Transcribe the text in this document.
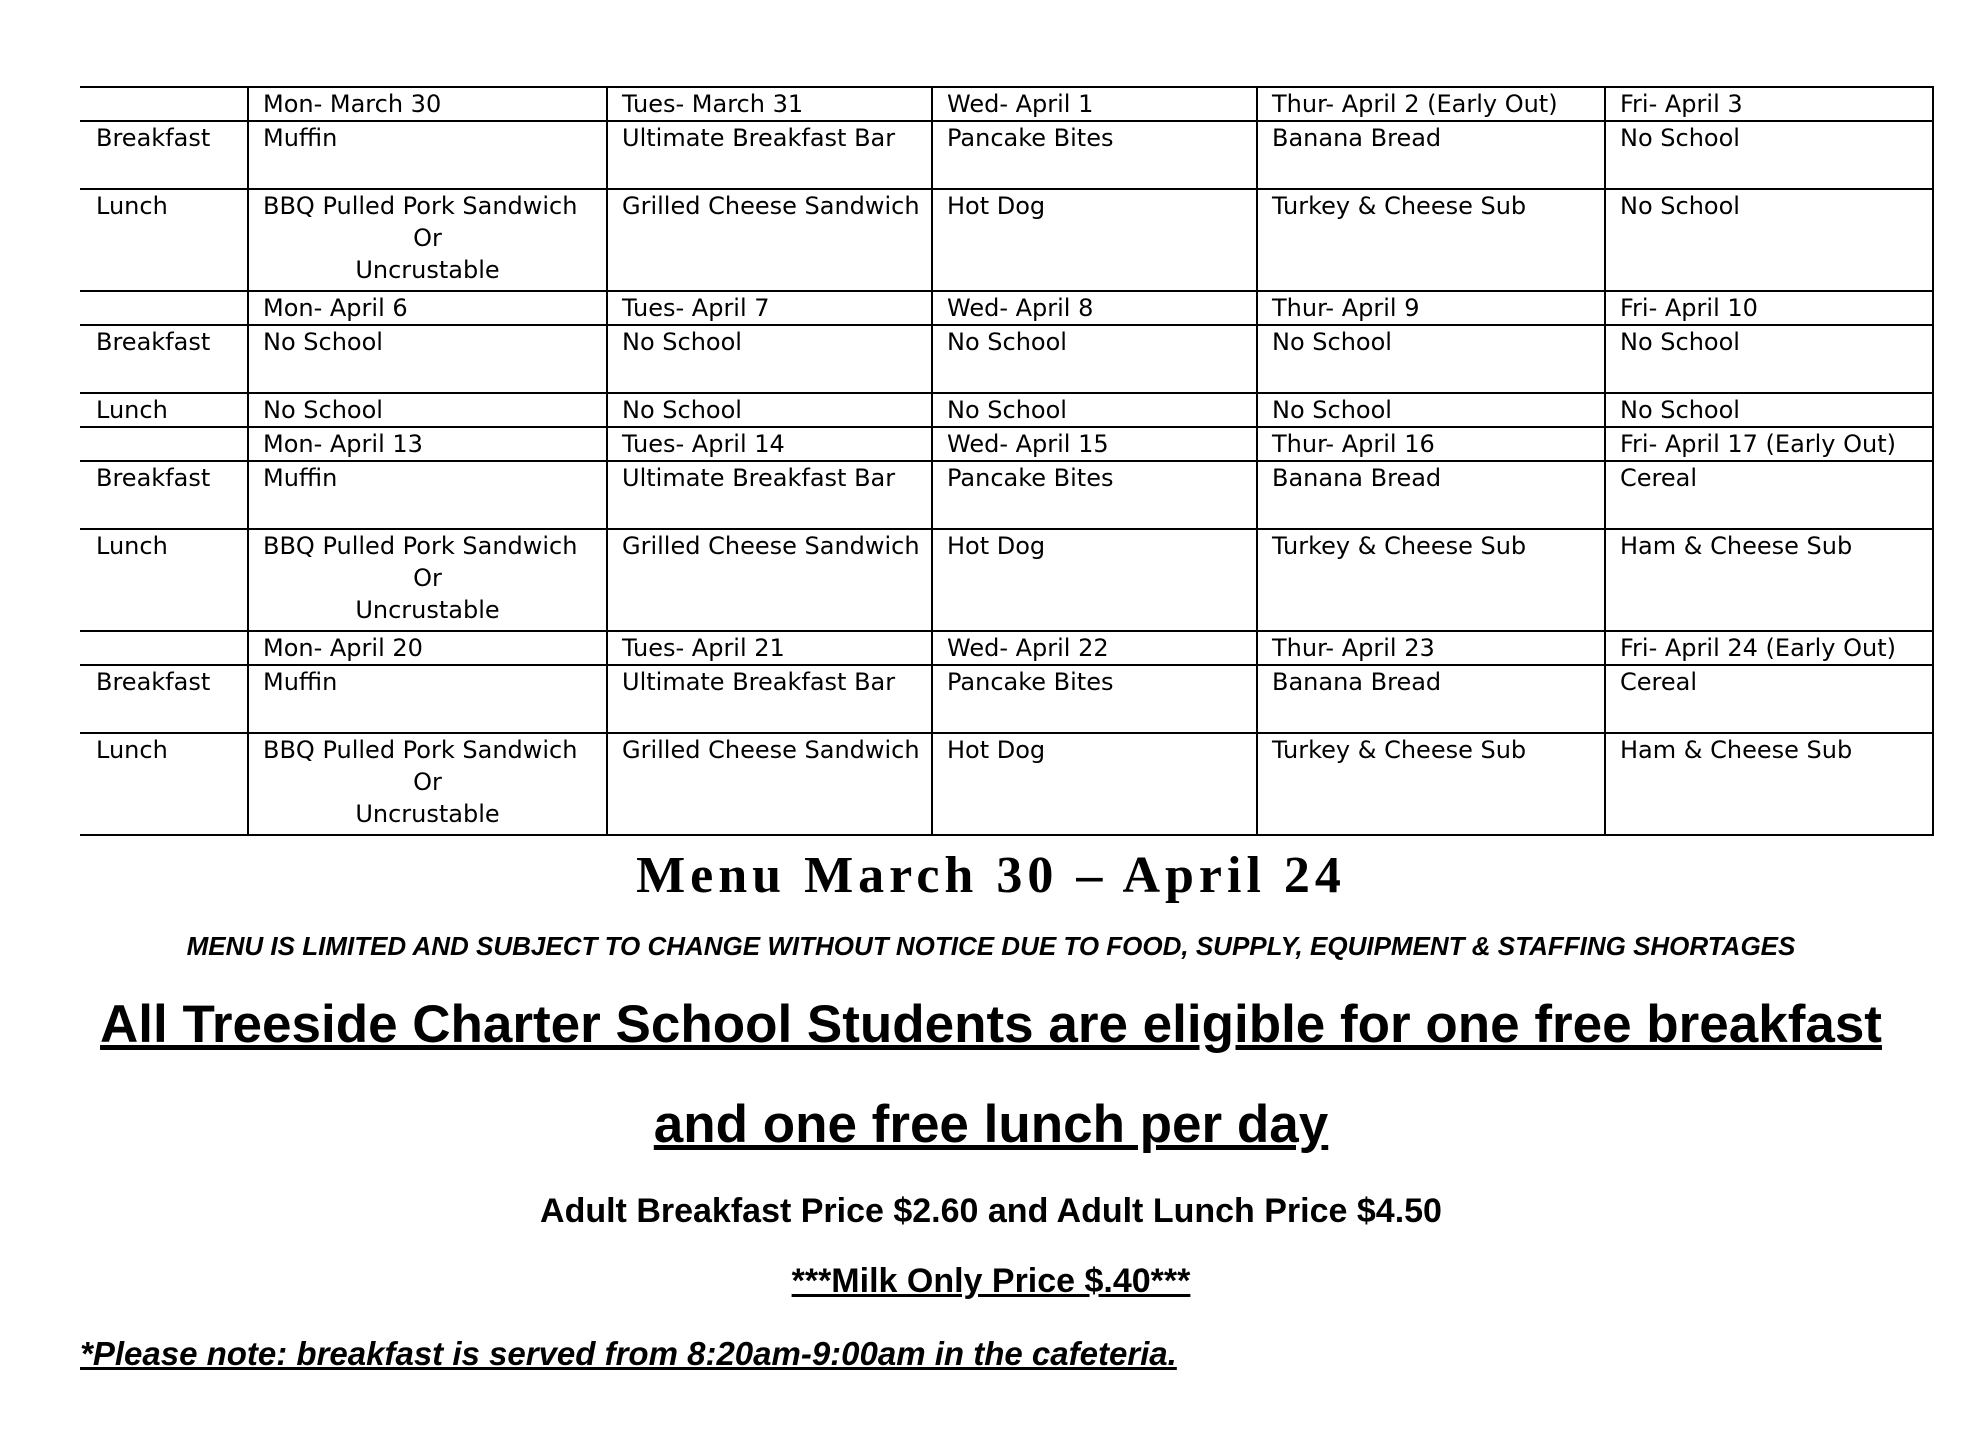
	Mon- March 30	Tues- March 31	Wed- April 1	Thur- April 2 (Early Out)	Fri- April 3
Breakfast	Muffin	Ultimate Breakfast Bar	Pancake Bites	Banana Bread	No School
Lunch	BBQ Pulled Pork Sandwich
Or
Uncrustable	Grilled Cheese Sandwich	Hot Dog	Turkey & Cheese Sub	No School
	Mon- April 6	Tues- April 7	Wed- April 8	Thur- April 9	Fri- April 10
Breakfast	No School	No School	No School	No School	No School
Lunch	No School	No School	No School	No School	No School
	Mon- April 13	Tues- April 14	Wed- April 15	Thur- April 16	Fri- April 17 (Early Out)
Breakfast	Muffin	Ultimate Breakfast Bar	Pancake Bites	Banana Bread	Cereal
Lunch	BBQ Pulled Pork Sandwich
Or
Uncrustable	Grilled Cheese Sandwich	Hot Dog	Turkey & Cheese Sub	Ham & Cheese Sub
	Mon- April 20	Tues- April 21	Wed- April 22	Thur- April 23	Fri- April 24 (Early Out)
Breakfast	Muffin	Ultimate Breakfast Bar	Pancake Bites	Banana Bread	Cereal
Lunch	BBQ Pulled Pork Sandwich
Or
Uncrustable	Grilled Cheese Sandwich	Hot Dog	Turkey & Cheese Sub	Ham & Cheese Sub
Menu March 30 – April 24

MENU IS LIMITED AND SUBJECT TO CHANGE WITHOUT NOTICE DUE TO FOOD, SUPPLY, EQUIPMENT & STAFFING SHORTAGES

All Treeside Charter School Students are eligible for one free breakfast

and one free lunch per day

Adult Breakfast Price $2.60 and Adult Lunch Price $4.50

***Milk Only Price $.40***

*Please note: breakfast is served from 8:20am-9:00am in the cafeteria.
